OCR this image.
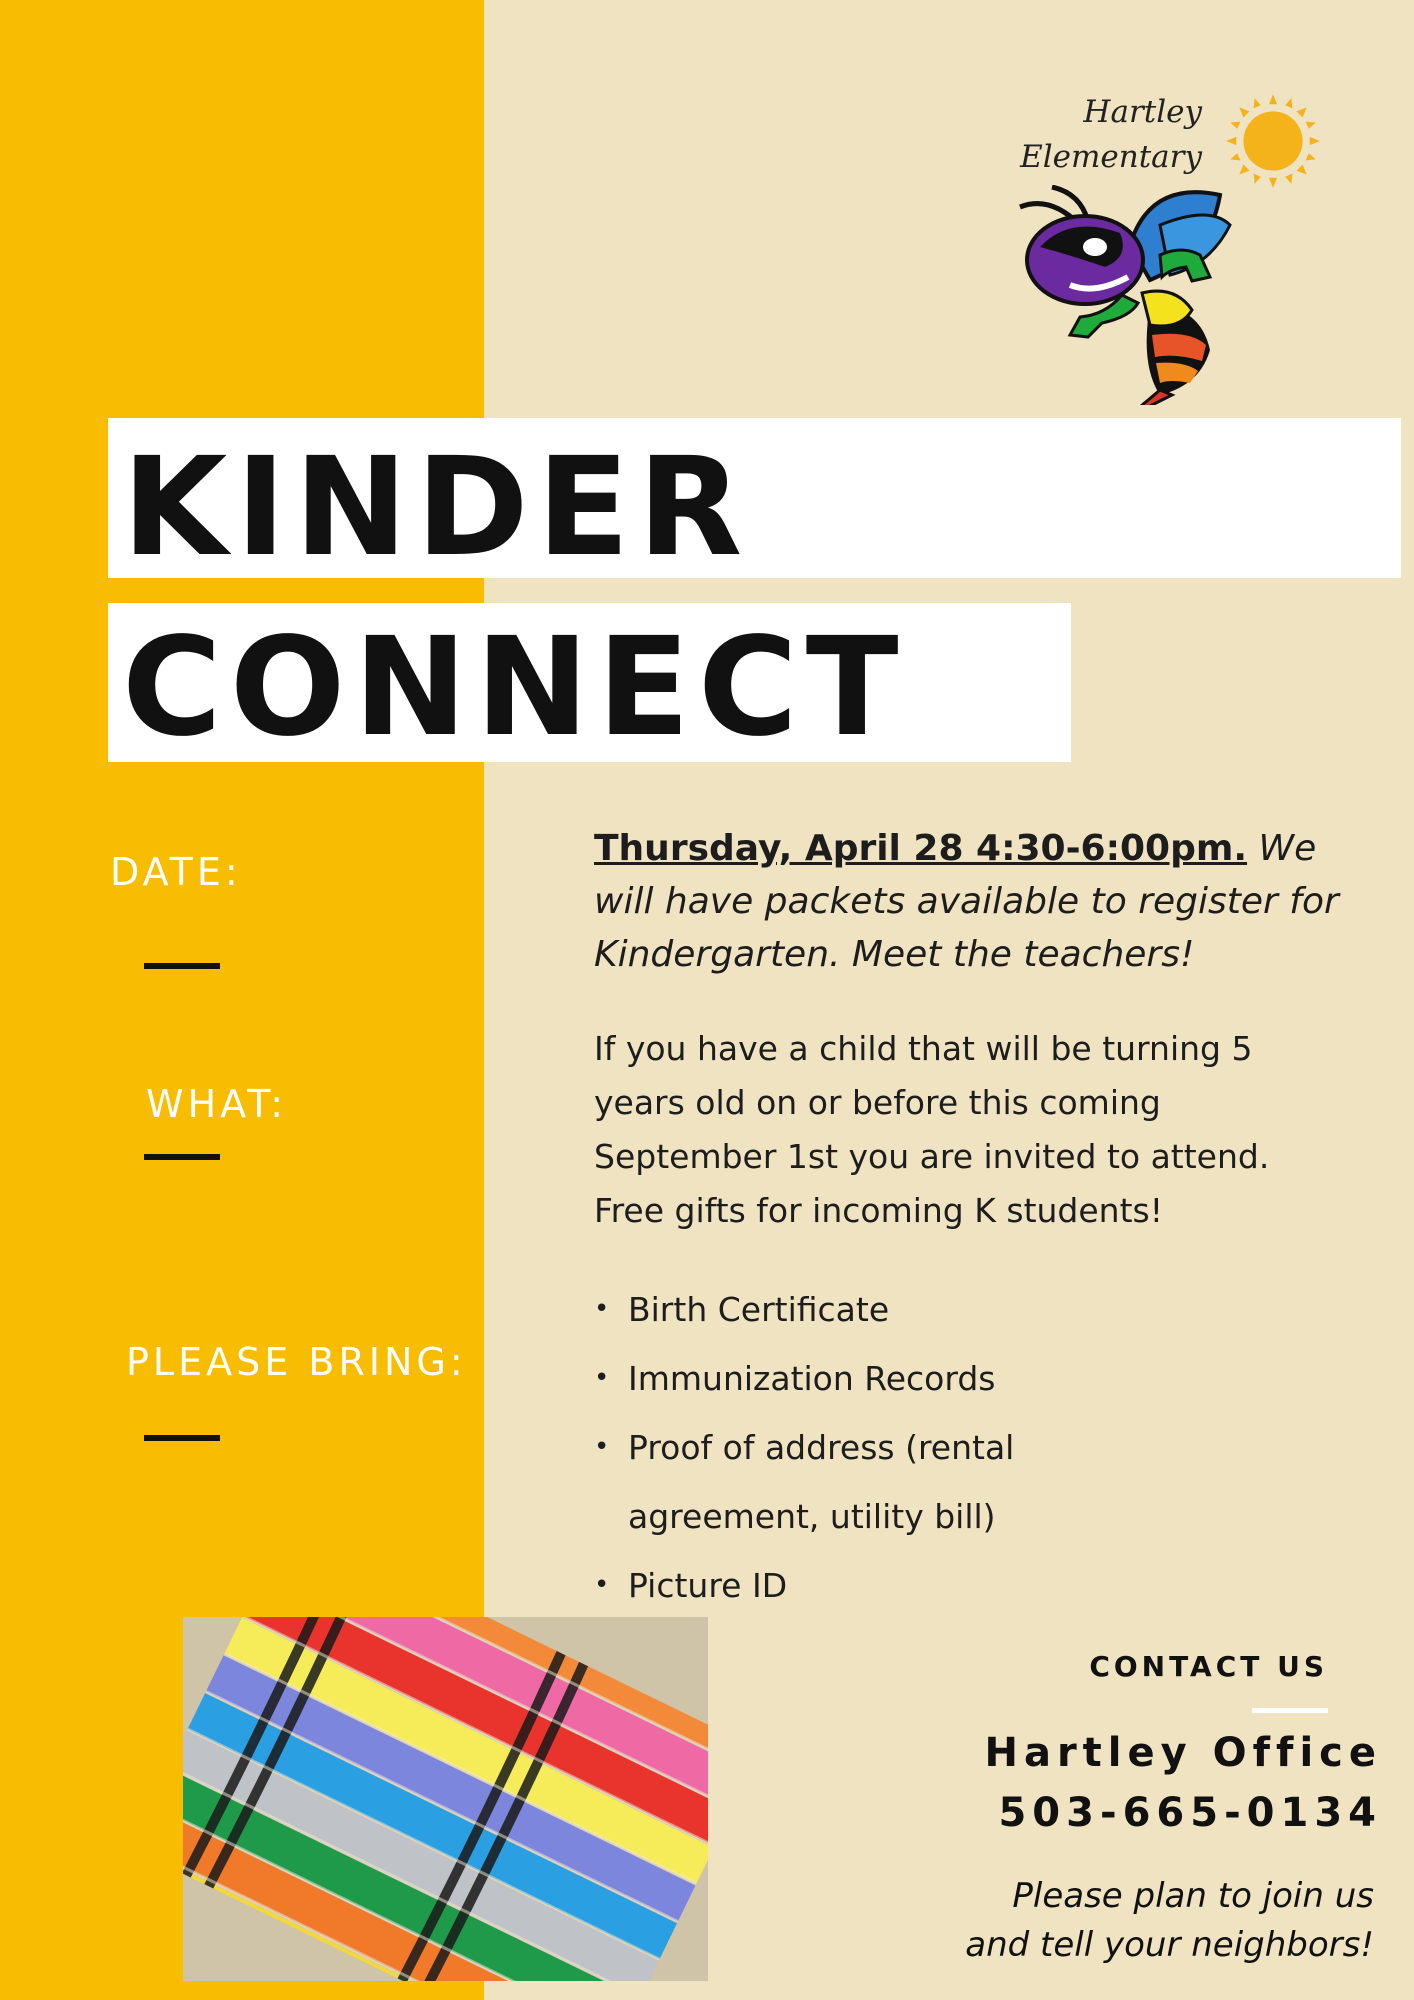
Hartley
Elementary
KINDER
CONNECT
DATE:
WHAT:
PLEASE BRING:
Thursday, April 28 4:30-6:00pm. We will have packets available to register for Kindergarten. Meet the teachers!
If you have a child that will be turning 5 years old on or before this coming September 1st you are invited to attend. Free gifts for incoming K students!
• Birth Certificate
• Immunization Records
• Proof of address (rental agreement, utility bill)
• Picture ID
CONTACT US
Hartley Office
503-665-0134
Please plan to join us
and tell your neighbors!
